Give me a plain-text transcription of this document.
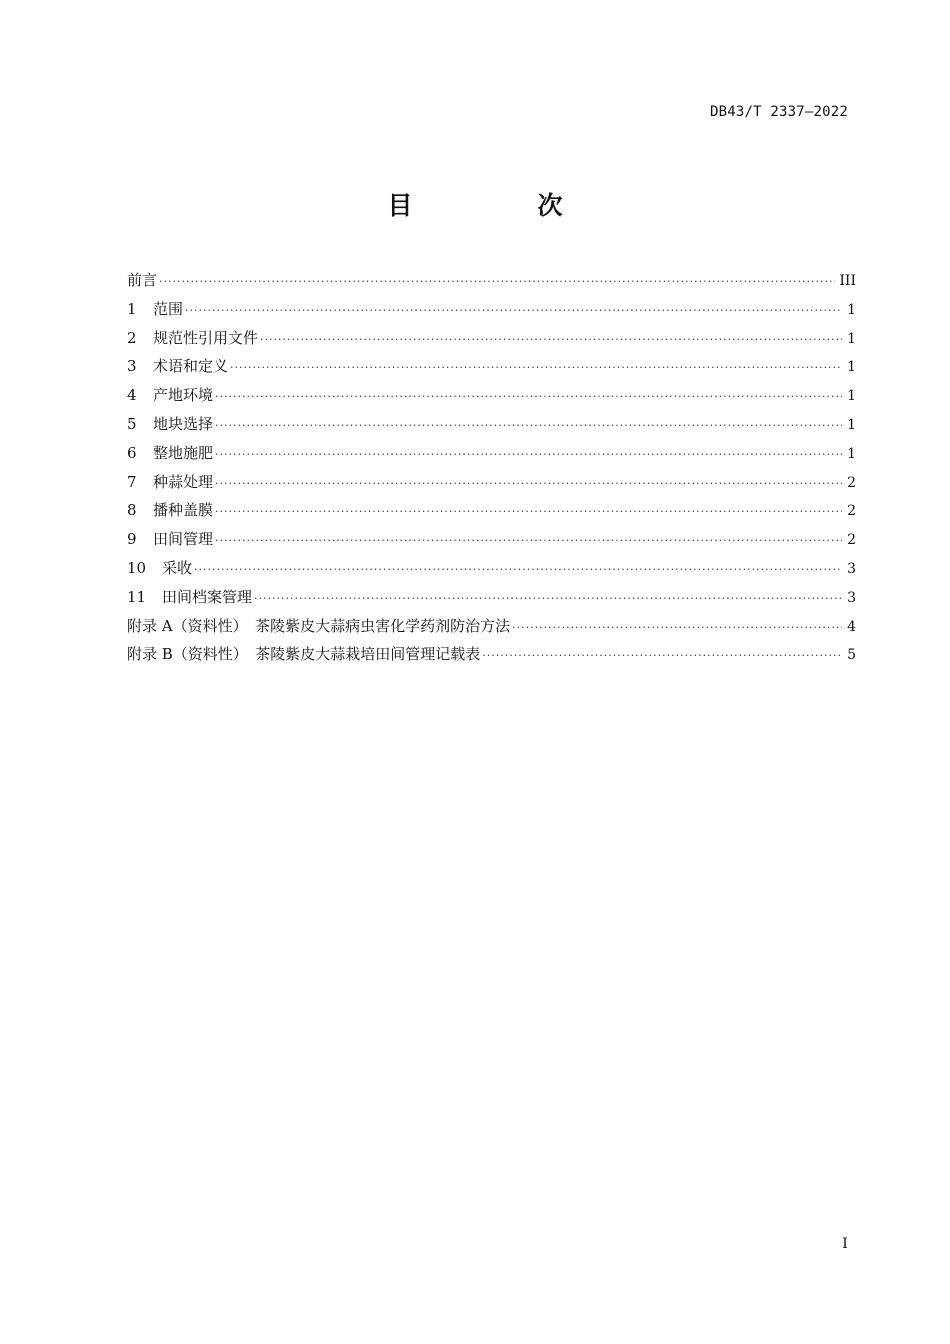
DB43/T 2337—2022
目　次
前言 ·····	III
1	范围 ·····	1
2	规范性引用文件 ·····	1
3	术语和定义 ·····	1
4	产地环境 ·····	1
5	地块选择 ·····	1
6	整地施肥 ·····	1
7	种蒜处理 ·····	2
8	播种盖膜 ·····	2
9	田间管理 ·····	2
10	采收 ·····	3
11	田间档案管理 ·····	3
附录 A（资料性）　茶陵紫皮大蒜病虫害化学药剂防治方法 ·····	4
附录 B（资料性）　茶陵紫皮大蒜栽培田间管理记载表 ·····	5
I
